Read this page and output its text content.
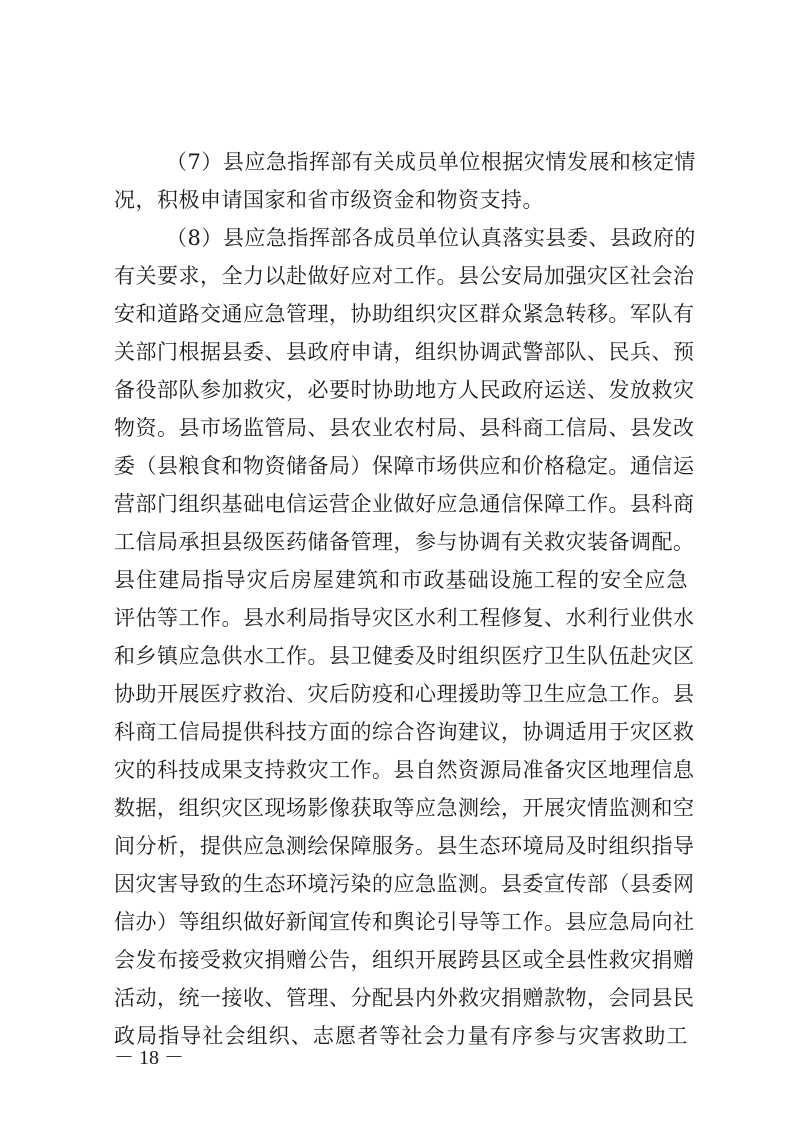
（7）县应急指挥部有关成员单位根据灾情发展和核定情
况，积极申请国家和省市级资金和物资支持。
（8）县应急指挥部各成员单位认真落实县委、县政府的
有关要求，全力以赴做好应对工作。县公安局加强灾区社会治
安和道路交通应急管理，协助组织灾区群众紧急转移。军队有
关部门根据县委、县政府申请，组织协调武警部队、民兵、预
备役部队参加救灾，必要时协助地方人民政府运送、发放救灾
物资。县市场监管局、县农业农村局、县科商工信局、县发改
委（县粮食和物资储备局）保障市场供应和价格稳定。通信运
营部门组织基础电信运营企业做好应急通信保障工作。县科商
工信局承担县级医药储备管理，参与协调有关救灾装备调配。
县住建局指导灾后房屋建筑和市政基础设施工程的安全应急
评估等工作。县水利局指导灾区水利工程修复、水利行业供水
和乡镇应急供水工作。县卫健委及时组织医疗卫生队伍赴灾区
协助开展医疗救治、灾后防疫和心理援助等卫生应急工作。县
科商工信局提供科技方面的综合咨询建议，协调适用于灾区救
灾的科技成果支持救灾工作。县自然资源局准备灾区地理信息
数据，组织灾区现场影像获取等应急测绘，开展灾情监测和空
间分析，提供应急测绘保障服务。县生态环境局及时组织指导
因灾害导致的生态环境污染的应急监测。县委宣传部（县委网
信办）等组织做好新闻宣传和舆论引导等工作。县应急局向社
会发布接受救灾捐赠公告，组织开展跨县区或全县性救灾捐赠
活动，统一接收、管理、分配县内外救灾捐赠款物，会同县民
政局指导社会组织、志愿者等社会力量有序参与灾害救助工
－ 18 －
